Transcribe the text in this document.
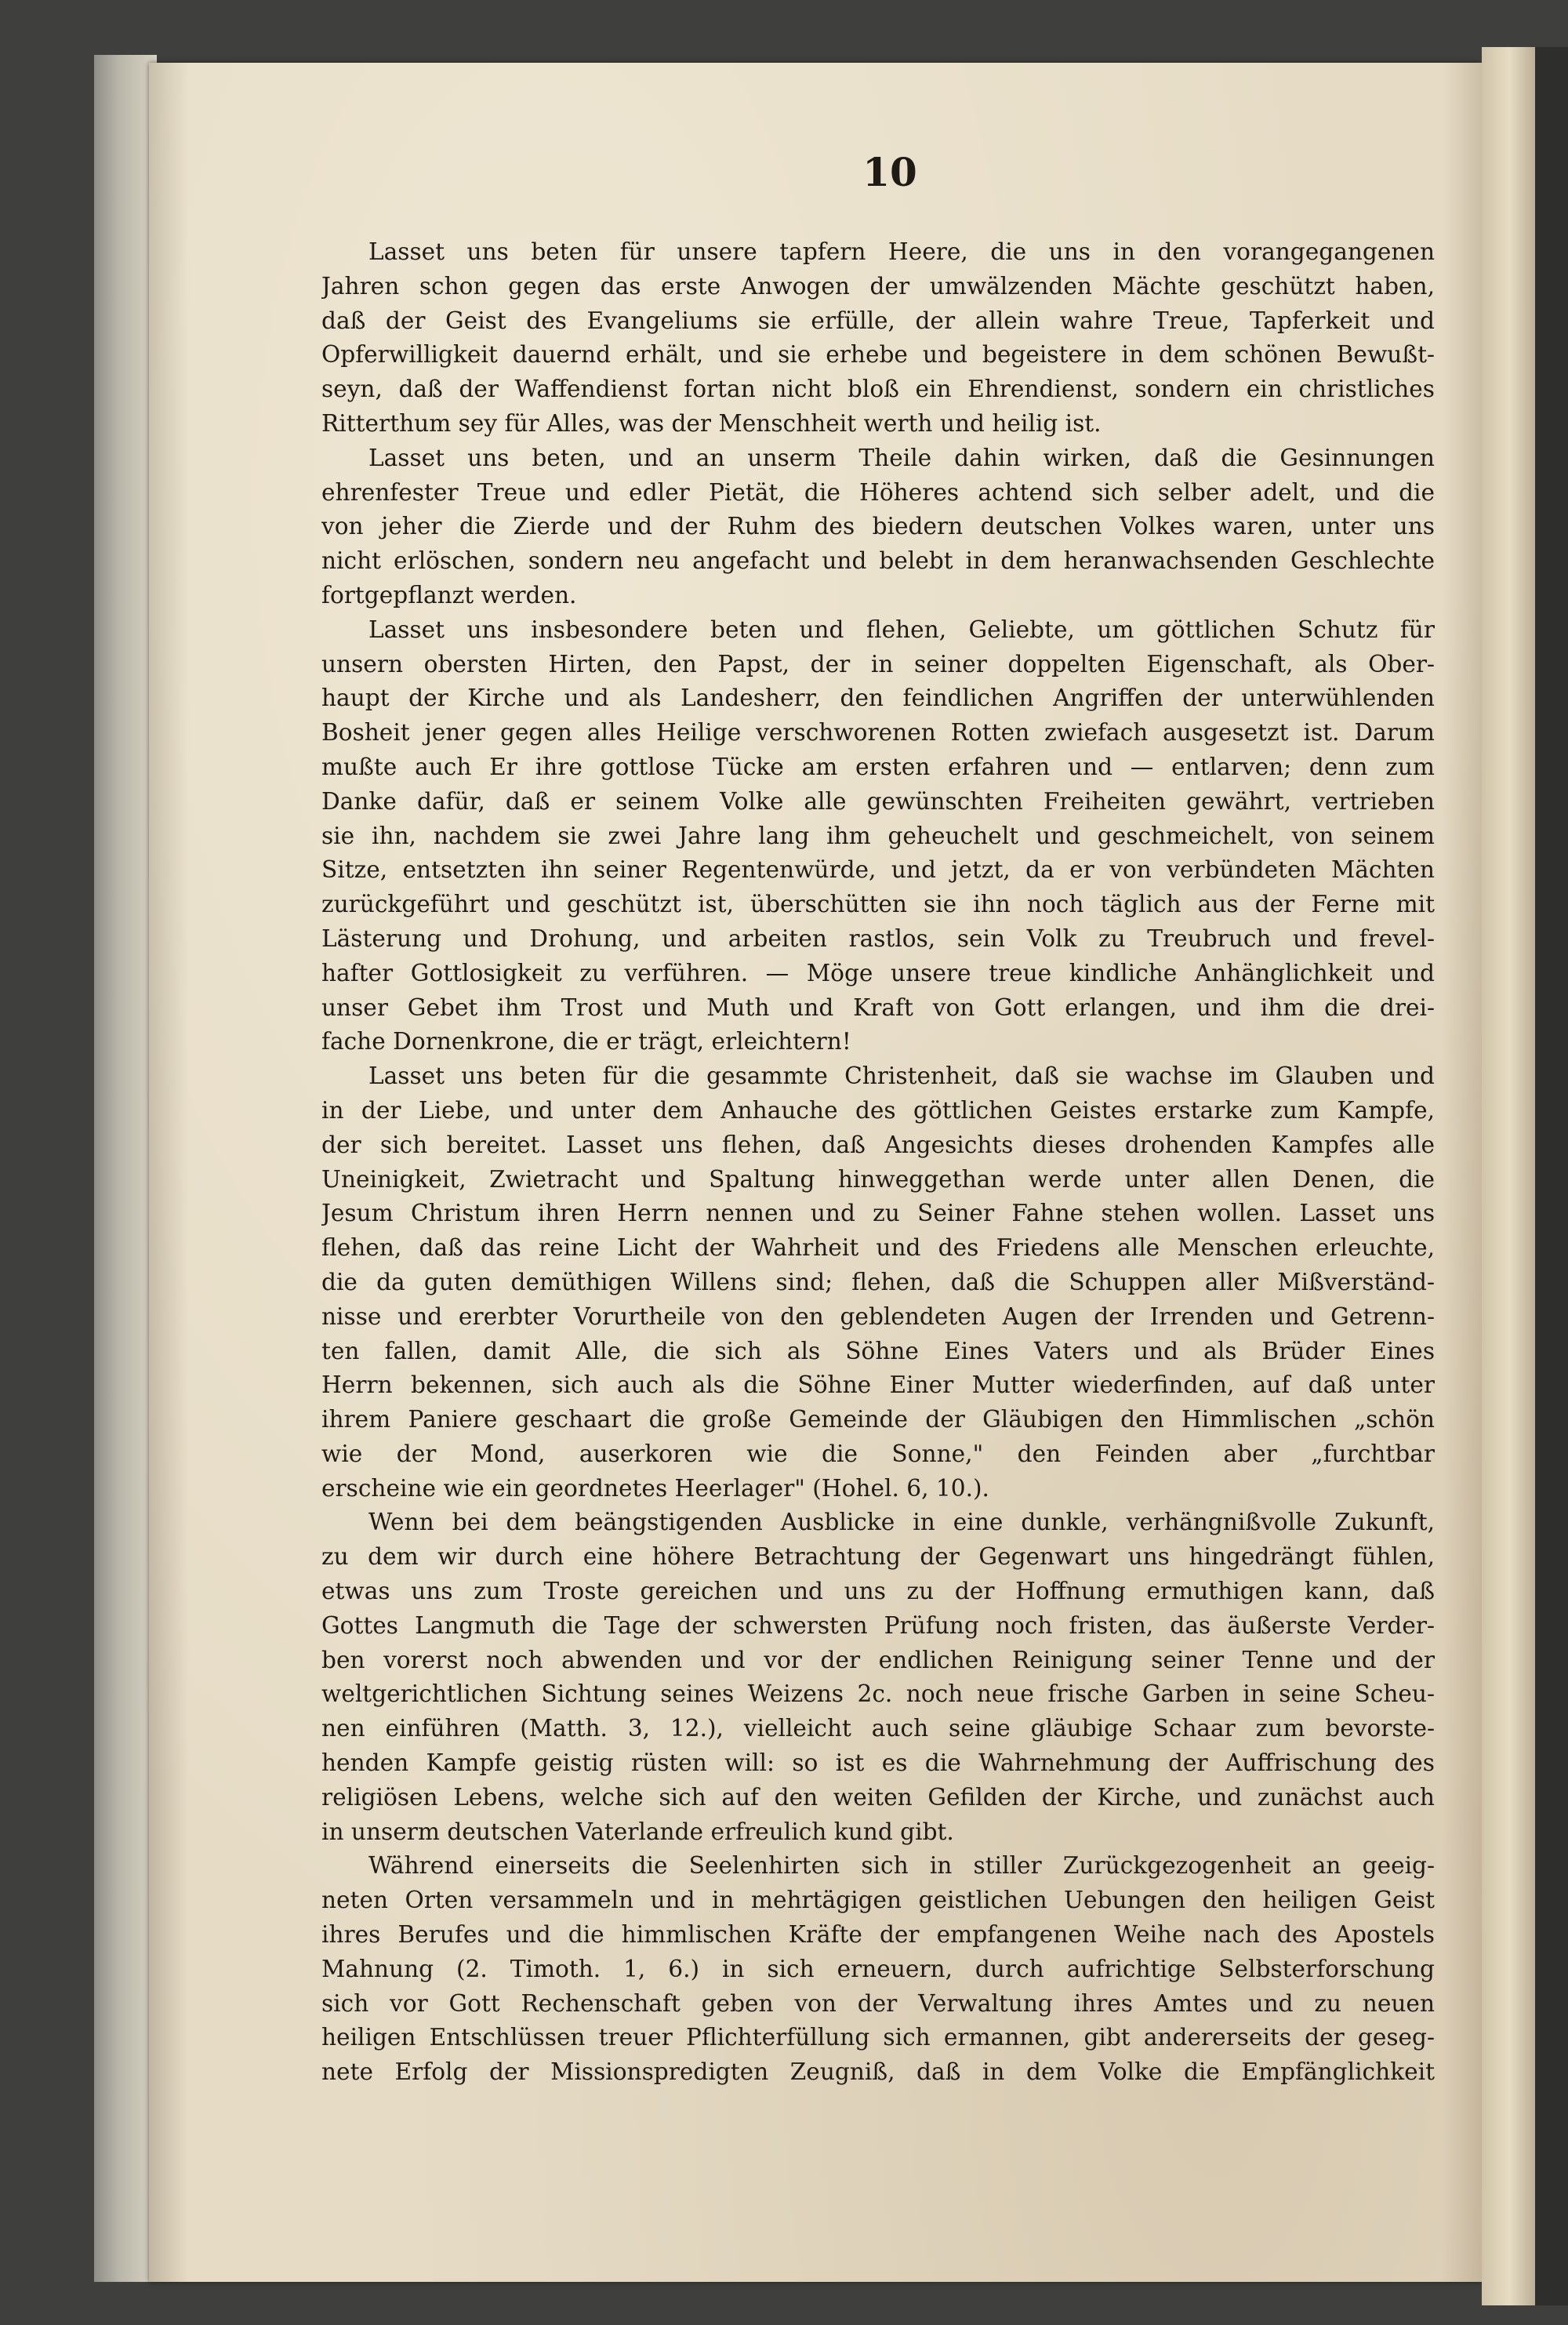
10
Lasset uns beten für unsere tapfern Heere, die uns in den vorangegangenen
Jahren schon gegen das erste Anwogen der umwälzenden Mächte geschützt haben,
daß der Geist des Evangeliums sie erfülle, der allein wahre Treue, Tapferkeit und
Opferwilligkeit dauernd erhält, und sie erhebe und begeistere in dem schönen Bewußt-
seyn, daß der Waffendienst fortan nicht bloß ein Ehrendienst, sondern ein christliches
Ritterthum sey für Alles, was der Menschheit werth und heilig ist.
Lasset uns beten, und an unserm Theile dahin wirken, daß die Gesinnungen
ehrenfester Treue und edler Pietät, die Höheres achtend sich selber adelt, und die
von jeher die Zierde und der Ruhm des biedern deutschen Volkes waren, unter uns
nicht erlöschen, sondern neu angefacht und belebt in dem heranwachsenden Geschlechte
fortgepflanzt werden.
Lasset uns insbesondere beten und flehen, Geliebte, um göttlichen Schutz für
unsern obersten Hirten, den Papst, der in seiner doppelten Eigenschaft, als Ober-
haupt der Kirche und als Landesherr, den feindlichen Angriffen der unterwühlenden
Bosheit jener gegen alles Heilige verschworenen Rotten zwiefach ausgesetzt ist. Darum
mußte auch Er ihre gottlose Tücke am ersten erfahren und — entlarven; denn zum
Danke dafür, daß er seinem Volke alle gewünschten Freiheiten gewährt, vertrieben
sie ihn, nachdem sie zwei Jahre lang ihm geheuchelt und geschmeichelt, von seinem
Sitze, entsetzten ihn seiner Regentenwürde, und jetzt, da er von verbündeten Mächten
zurückgeführt und geschützt ist, überschütten sie ihn noch täglich aus der Ferne mit
Lästerung und Drohung, und arbeiten rastlos, sein Volk zu Treubruch und frevel-
hafter Gottlosigkeit zu verführen. — Möge unsere treue kindliche Anhänglichkeit und
unser Gebet ihm Trost und Muth und Kraft von Gott erlangen, und ihm die drei-
fache Dornenkrone, die er trägt, erleichtern!
Lasset uns beten für die gesammte Christenheit, daß sie wachse im Glauben und
in der Liebe, und unter dem Anhauche des göttlichen Geistes erstarke zum Kampfe,
der sich bereitet. Lasset uns flehen, daß Angesichts dieses drohenden Kampfes alle
Uneinigkeit, Zwietracht und Spaltung hinweggethan werde unter allen Denen, die
Jesum Christum ihren Herrn nennen und zu Seiner Fahne stehen wollen. Lasset uns
flehen, daß das reine Licht der Wahrheit und des Friedens alle Menschen erleuchte,
die da guten demüthigen Willens sind; flehen, daß die Schuppen aller Mißverständ-
nisse und ererbter Vorurtheile von den geblendeten Augen der Irrenden und Getrenn-
ten fallen, damit Alle, die sich als Söhne Eines Vaters und als Brüder Eines
Herrn bekennen, sich auch als die Söhne Einer Mutter wiederfinden, auf daß unter
ihrem Paniere geschaart die große Gemeinde der Gläubigen den Himmlischen „schön
wie der Mond, auserkoren wie die Sonne," den Feinden aber „furchtbar
erscheine wie ein geordnetes Heerlager" (Hohel. 6, 10.).
Wenn bei dem beängstigenden Ausblicke in eine dunkle, verhängnißvolle Zukunft,
zu dem wir durch eine höhere Betrachtung der Gegenwart uns hingedrängt fühlen,
etwas uns zum Troste gereichen und uns zu der Hoffnung ermuthigen kann, daß
Gottes Langmuth die Tage der schwersten Prüfung noch fristen, das äußerste Verder-
ben vorerst noch abwenden und vor der endlichen Reinigung seiner Tenne und der
weltgerichtlichen Sichtung seines Weizens 2c. noch neue frische Garben in seine Scheu-
nen einführen (Matth. 3, 12.), vielleicht auch seine gläubige Schaar zum bevorste-
henden Kampfe geistig rüsten will: so ist es die Wahrnehmung der Auffrischung des
religiösen Lebens, welche sich auf den weiten Gefilden der Kirche, und zunächst auch
in unserm deutschen Vaterlande erfreulich kund gibt.
Während einerseits die Seelenhirten sich in stiller Zurückgezogenheit an geeig-
neten Orten versammeln und in mehrtägigen geistlichen Uebungen den heiligen Geist
ihres Berufes und die himmlischen Kräfte der empfangenen Weihe nach des Apostels
Mahnung (2. Timoth. 1, 6.) in sich erneuern, durch aufrichtige Selbsterforschung
sich vor Gott Rechenschaft geben von der Verwaltung ihres Amtes und zu neuen
heiligen Entschlüssen treuer Pflichterfüllung sich ermannen, gibt andererseits der geseg-
nete Erfolg der Missionspredigten Zeugniß, daß in dem Volke die Empfänglichkeit
